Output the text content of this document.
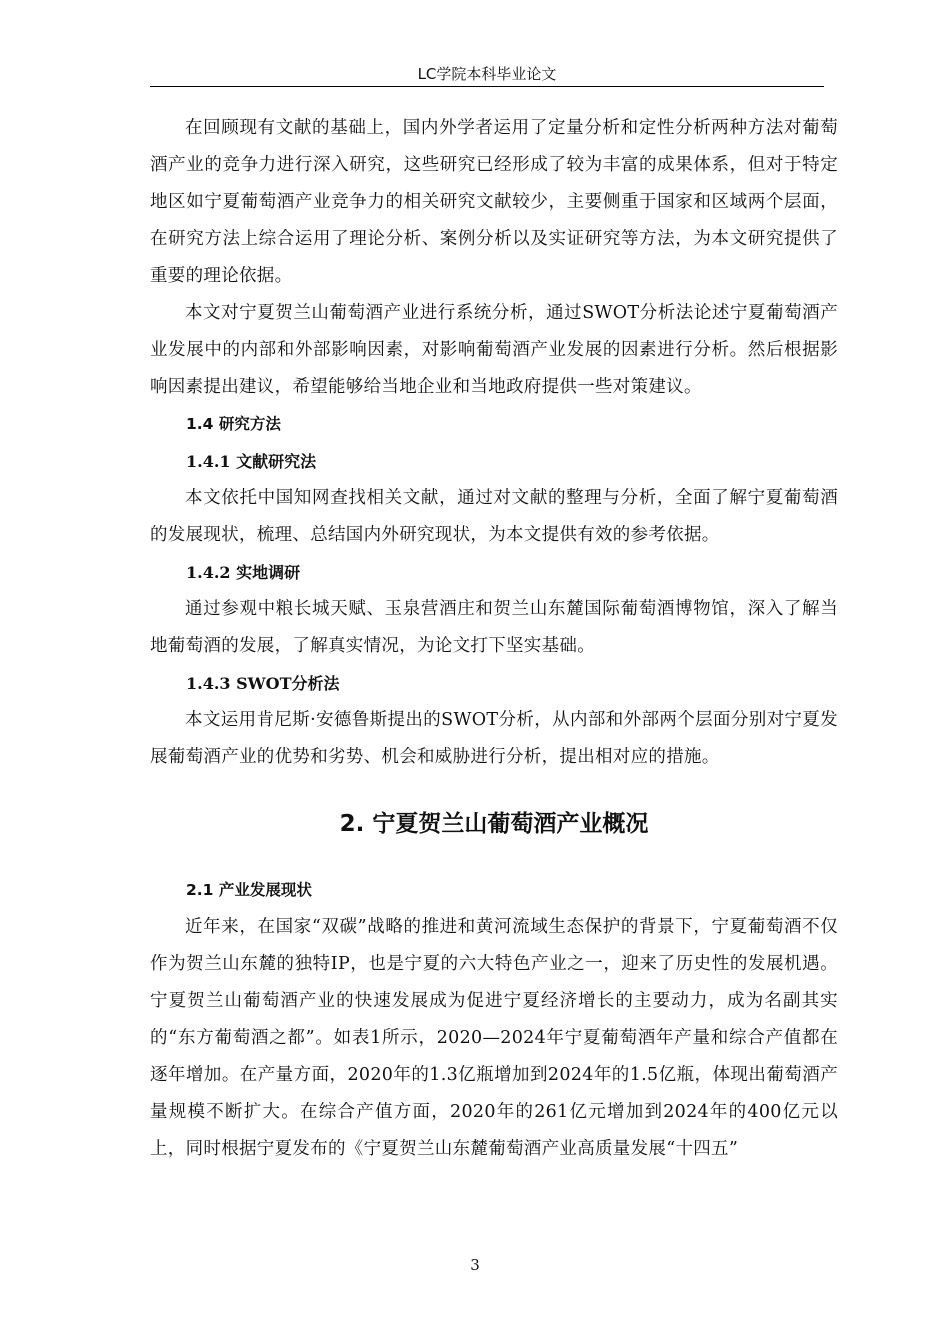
LC学院本科毕业论文

在回顾现有文献的基础上，国内外学者运用了定量分析和定性分析两种方法对葡萄酒产业的竞争力进行深入研究，这些研究已经形成了较为丰富的成果体系，但对于特定地区如宁夏葡萄酒产业竞争力的相关研究文献较少，主要侧重于国家和区域两个层面，在研究方法上综合运用了理论分析、案例分析以及实证研究等方法，为本文研究提供了重要的理论依据。

本文对宁夏贺兰山葡萄酒产业进行系统分析，通过SWOT分析法论述宁夏葡萄酒产业发展中的内部和外部影响因素，对影响葡萄酒产业发展的因素进行分析。然后根据影响因素提出建议，希望能够给当地企业和当地政府提供一些对策建议。

1.4 研究方法
1.4.1 文献研究法

本文依托中国知网查找相关文献，通过对文献的整理与分析，全面了解宁夏葡萄酒的发展现状，梳理、总结国内外研究现状，为本文提供有效的参考依据。

1.4.2 实地调研

通过参观中粮长城天赋、玉泉营酒庄和贺兰山东麓国际葡萄酒博物馆，深入了解当地葡萄酒的发展，了解真实情况，为论文打下坚实基础。

1.4.3 SWOT分析法

本文运用肯尼斯·安德鲁斯提出的SWOT分析，从内部和外部两个层面分别对宁夏发展葡萄酒产业的优势和劣势、机会和威胁进行分析，提出相对应的措施。

2. 宁夏贺兰山葡萄酒产业概况
2.1 产业发展现状

近年来，在国家“双碳”战略的推进和黄河流域生态保护的背景下，宁夏葡萄酒不仅作为贺兰山东麓的独特IP，也是宁夏的六大特色产业之一，迎来了历史性的发展机遇。宁夏贺兰山葡萄酒产业的快速发展成为促进宁夏经济增长的主要动力，成为名副其实的“东方葡萄酒之都”。如表1所示，2020—2024年宁夏葡萄酒年产量和综合产值都在逐年增加。在产量方面，2020年的1.3亿瓶增加到2024年的1.5亿瓶，体现出葡萄酒产量规模不断扩大。在综合产值方面，2020年的261亿元增加到2024年的400亿元以上，同时根据宁夏发布的《宁夏贺兰山东麓葡萄酒产业高质量发展“十四五”

3
